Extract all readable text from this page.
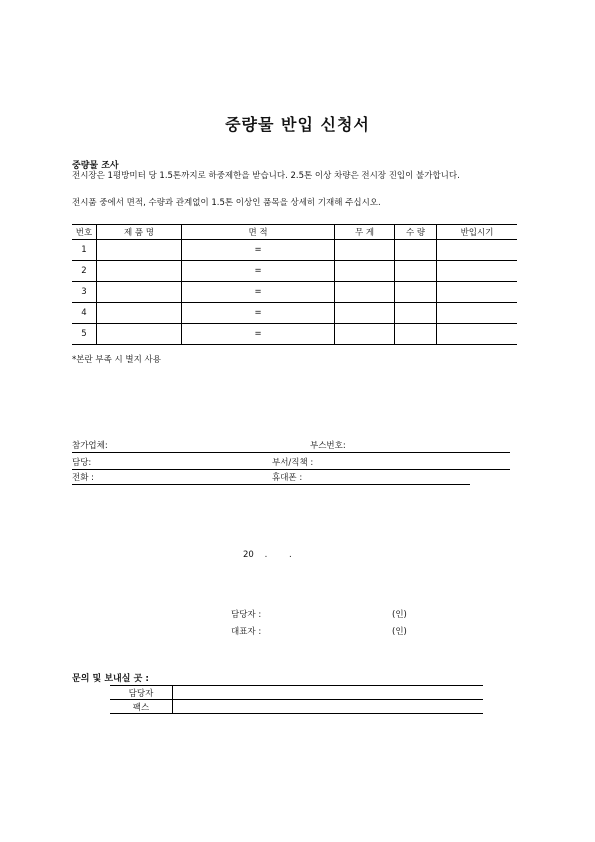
중량물 반입 신청서
중량물 조사
전시장은 1평방미터 당 1.5톤까지로 하중제한을 받습니다. 2.5톤 이상 차량은 전시장 진입이 불가합니다.
전시품 중에서 면적, 수량과 관계없이 1.5톤 이상인 품목을 상세히 기재해 주십시오.
번호	제 품 명	면 적	무 게	수 량	반입시기
1		=			
2		=			
3		=			
4		=			
5		=			
*본란 부족 시 별지 사용
참가업체:	부스번호:
담당:	부서/직책 :
전화 :	휴대폰 :
20    .        .
담당자 :	(인)
대표자 :	(인)
문의 및 보내실 곳 :
담당자	
팩스	
